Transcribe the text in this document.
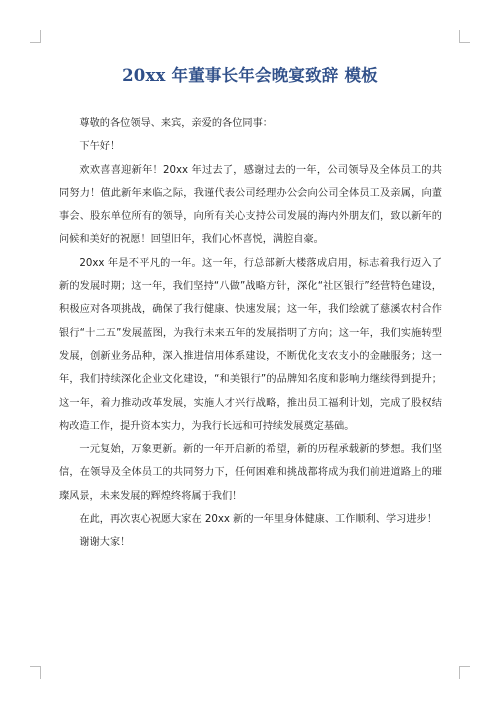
20xx 年董事长年会晚宴致辞 模板

尊敬的各位领导、来宾，亲爱的各位同事：

下午好！

欢欢喜喜迎新年！20xx 年过去了，感谢过去的一年，公司领导及全体员工的共同努力！值此新年来临之际，我谨代表公司经理办公会向公司全体员工及亲属，向董事会、股东单位所有的领导，向所有关心支持公司发展的海内外朋友们，致以新年的问候和美好的祝愿！回望旧年，我们心怀喜悦，满腔自豪。

20xx 年是不平凡的一年。这一年，行总部新大楼落成启用，标志着我行迈入了新的发展时期；这一年，我们坚持“八做”战略方针，深化“社区银行”经营特色建设，积极应对各项挑战，确保了我行健康、快速发展；这一年，我们绘就了慈溪农村合作银行“十二五”发展蓝图，为我行未来五年的发展指明了方向；这一年，我们实施转型发展，创新业务品种，深入推进信用体系建设，不断优化支农支小的金融服务；这一年，我们持续深化企业文化建设，“和美银行”的品牌知名度和影响力继续得到提升；这一年，着力推动改革发展，实施人才兴行战略，推出员工福利计划，完成了股权结构改造工作，提升资本实力，为我行长远和可持续发展奠定基础。

一元复始，万象更新。新的一年开启新的希望，新的历程承载新的梦想。我们坚信，在领导及全体员工的共同努力下，任何困难和挑战都将成为我们前进道路上的璀璨风景，未来发展的辉煌终将属于我们！

在此，再次衷心祝愿大家在 20xx 新的一年里身体健康、工作顺利、学习进步！

谢谢大家！
